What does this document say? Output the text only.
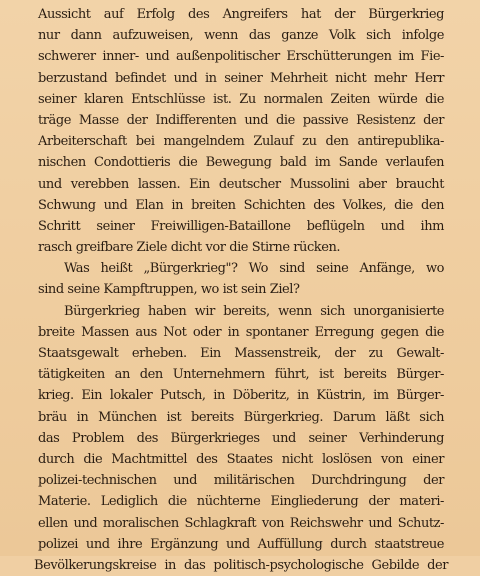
Aussicht auf Erfolg des Angreifers hat der Bürgerkrieg
nur dann aufzuweisen, wenn das ganze Volk sich infolge
schwerer inner- und außenpolitischer Erschütterungen im Fie-
berzustand befindet und in seiner Mehrheit nicht mehr Herr
seiner klaren Entschlüsse ist. Zu normalen Zeiten würde die
träge Masse der Indifferenten und die passive Resistenz der
Arbeiterschaft bei mangelndem Zulauf zu den antirepublika-
nischen Condottieris die Bewegung bald im Sande verlaufen
und verebben lassen. Ein deutscher Mussolini aber braucht
Schwung und Elan in breiten Schichten des Volkes, die den
Schritt seiner Freiwilligen-Bataillone beflügeln und ihm
rasch greifbare Ziele dicht vor die Stirne rücken.
Was heißt „Bürgerkrieg"? Wo sind seine Anfänge, wo
sind seine Kampftruppen, wo ist sein Ziel?
Bürgerkrieg haben wir bereits, wenn sich unorganisierte
breite Massen aus Not oder in spontaner Erregung gegen die
Staatsgewalt erheben. Ein Massenstreik, der zu Gewalt-
tätigkeiten an den Unternehmern führt, ist bereits Bürger-
krieg. Ein lokaler Putsch, in Döberitz, in Küstrin, im Bürger-
bräu in München ist bereits Bürgerkrieg. Darum läßt sich
das Problem des Bürgerkrieges und seiner Verhinderung
durch die Machtmittel des Staates nicht loslösen von einer
polizei-technischen und militärischen Durchdringung der
Materie. Lediglich die nüchterne Eingliederung der materi-
ellen und moralischen Schlagkraft von Reichswehr und Schutz-
polizei und ihre Ergänzung und Auffüllung durch staatstreue
Bevölkerungskreise in das politisch-psychologische Gebilde der
